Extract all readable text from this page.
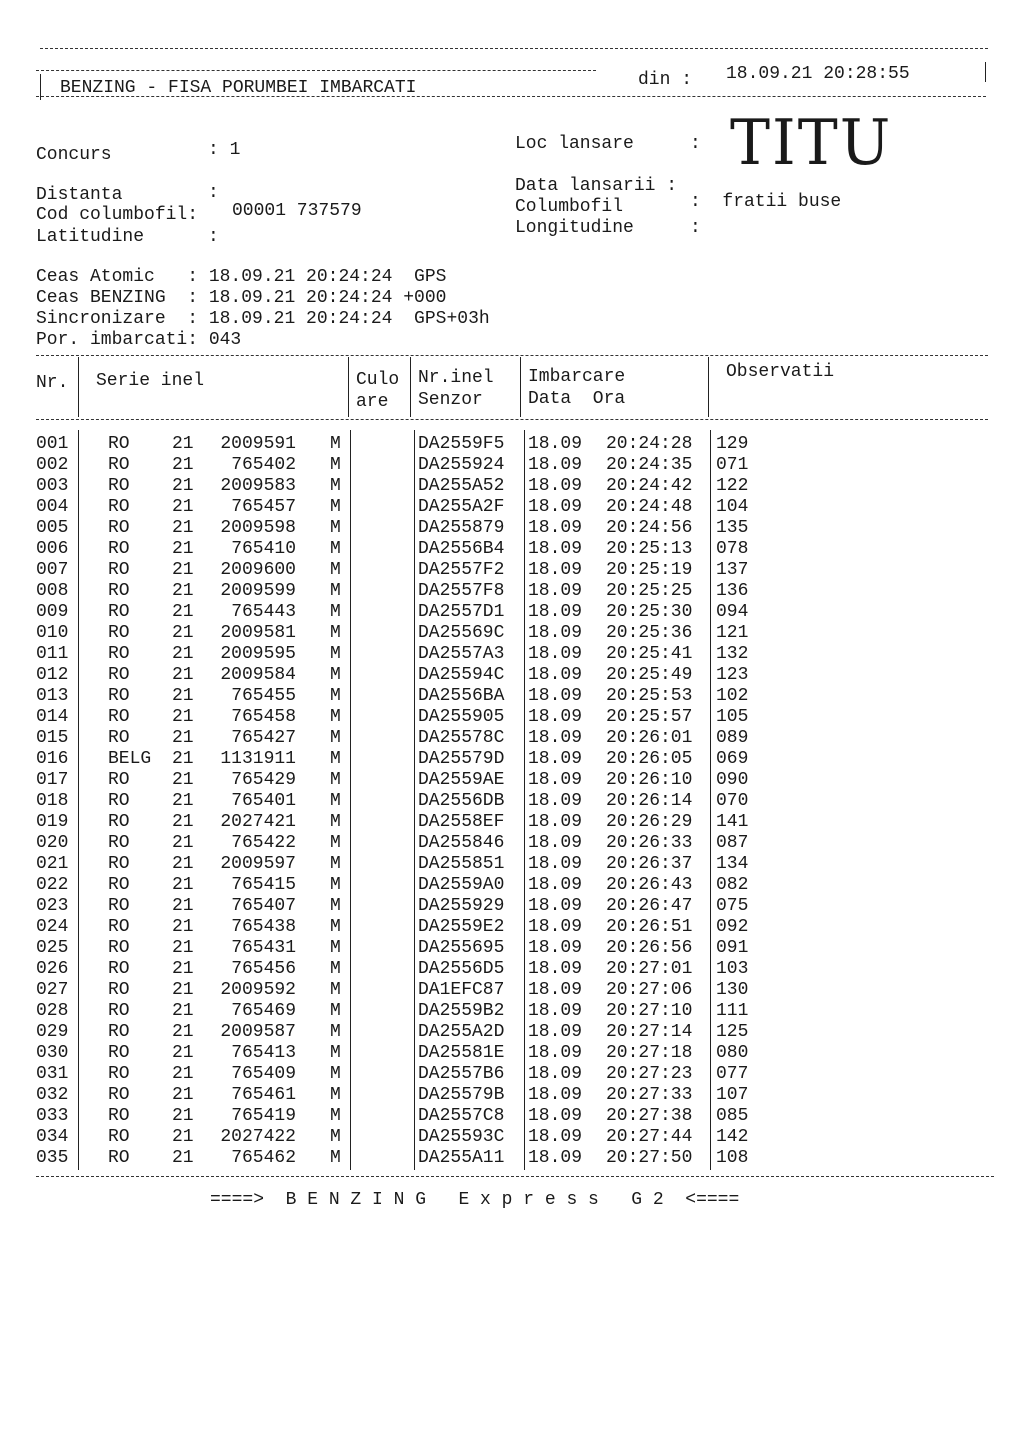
BENZING - FISA PORUMBEI IMBARCATI	din : 18.09.21 20:28:55
Concurs	: 1	Loc lansare	: TITU
Distanta	:
Cod columbofil: 00001 737579
Latitudine	:
Data lansarii :
Columbofil	:  fratii buse
Longitudine	:
Ceas Atomic   : 18.09.21 20:24:24  GPS
Ceas BENZING  : 18.09.21 20:24:24 +000
Sincronizare  : 18.09.21 20:24:24  GPS+03h
Por. imbarcati: 043
Nr. Serie inel	Culo
are
Nr.inel
Senzor
Imbarcare
Data  Ora
Observatii
001 RO 21	2009591 M	DA2559F5 18.09 20:24:28 129
002 RO 21	765402 M	DA255924 18.09 20:24:35 071
003 RO 21	2009583 M	DA255A52 18.09 20:24:42 122
004 RO 21	765457 M	DA255A2F 18.09 20:24:48 104
005 RO 21	2009598 M	DA255879 18.09 20:24:56 135
006 RO 21	765410 M	DA2556B4 18.09 20:25:13 078
007 RO 21	2009600 M	DA2557F2 18.09 20:25:19 137
008 RO 21	2009599 M	DA2557F8 18.09 20:25:25 136
009 RO 21	765443 M	DA2557D1 18.09 20:25:30 094
010 RO 21	2009581 M	DA25569C 18.09 20:25:36 121
011 RO 21	2009595 M	DA2557A3 18.09 20:25:41 132
012 RO 21	2009584 M	DA25594C 18.09 20:25:49 123
013 RO 21	765455 M	DA2556BA 18.09 20:25:53 102
014 RO 21	765458 M	DA255905 18.09 20:25:57 105
015 RO 21	765427 M	DA25578C 18.09 20:26:01 089
016 BELG 21	1131911 M	DA25579D 18.09 20:26:05 069
017 RO 21	765429 M	DA2559AE 18.09 20:26:10 090
018 RO 21	765401 M	DA2556DB 18.09 20:26:14 070
019 RO 21	2027421 M	DA2558EF 18.09 20:26:29 141
020 RO 21	765422 M	DA255846 18.09 20:26:33 087
021 RO 21	2009597 M	DA255851 18.09 20:26:37 134
022 RO 21	765415 M	DA2559A0 18.09 20:26:43 082
023 RO 21	765407 M	DA255929 18.09 20:26:47 075
024 RO 21	765438 M	DA2559E2 18.09 20:26:51 092
025 RO 21	765431 M	DA255695 18.09 20:26:56 091
026 RO 21	765456 M	DA2556D5 18.09 20:27:01 103
027 RO 21	2009592 M	DA1EFC87 18.09 20:27:06 130
028 RO 21	765469 M	DA2559B2 18.09 20:27:10 111
029 RO 21	2009587 M	DA255A2D 18.09 20:27:14 125
030 RO 21	765413 M	DA25581E 18.09 20:27:18 080
031 RO 21	765409 M	DA2557B6 18.09 20:27:23 077
032 RO 21	765461 M	DA25579B 18.09 20:27:33 107
033 RO 21	765419 M	DA2557C8 18.09 20:27:38 085
034 RO 21	2027422 M	DA25593C 18.09 20:27:44 142
035 RO 21	765462 M	DA255A11 18.09 20:27:50 108
====>  B E N Z I N G   E x p r e s s   G 2  <====
